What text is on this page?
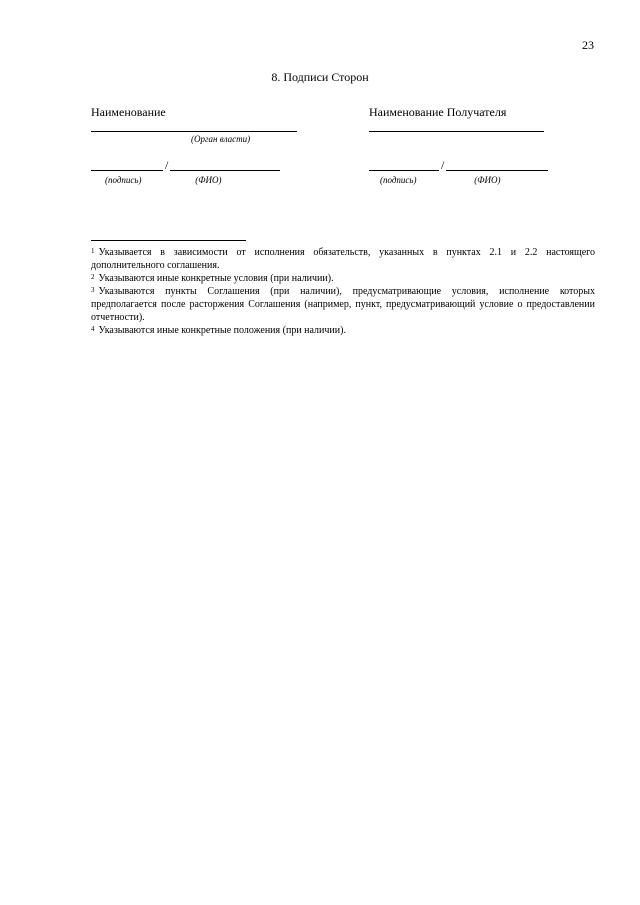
23
8. Подписи Сторон
Наименование
(Орган власти)
Наименование Получателя
/
(подпись)	(ФИО)
/
(подпись)	(ФИО)

$^1$ Указывается в зависимости от исполнения обязательств, указанных в пунктах 2.1 и 2.2 настоящего дополнительного соглашения.

$^2$ Указываются иные конкретные условия (при наличии).

$^3$ Указываются пункты Соглашения (при наличии), предусматривающие условия, исполнение которых предполагается после расторжения Соглашения (например, пункт, предусматривающий условие о предоставлении отчетности).

$^4$ Указываются иные конкретные положения (при наличии).
